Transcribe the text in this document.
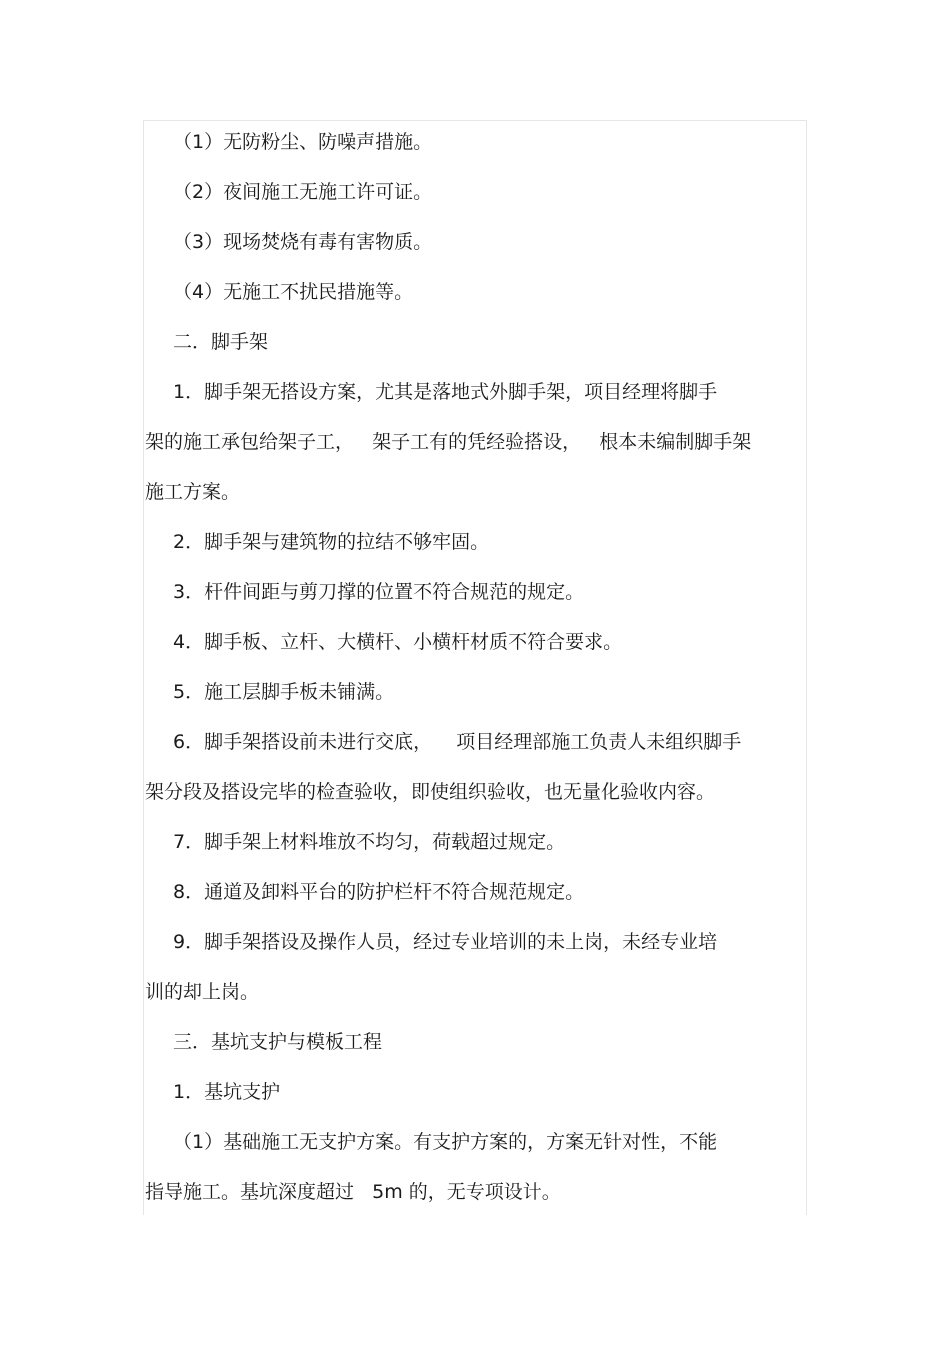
（1）无防粉尘、防噪声措施。
（2）夜间施工无施工许可证。
（3）现场焚烧有毒有害物质。
（4）无施工不扰民措施等。
二．脚手架
1．脚手架无搭设方案，尤其是落地式外脚手架，项目经理将脚手
架的施工承包给架子工，   架子工有的凭经验搭设，   根本未编制脚手架
施工方案。
2．脚手架与建筑物的拉结不够牢固。
3．杆件间距与剪刀撑的位置不符合规范的规定。
4．脚手板、立杆、大横杆、小横杆材质不符合要求。
5．施工层脚手板未铺满。
6．脚手架搭设前未进行交底，    项目经理部施工负责人未组织脚手
架分段及搭设完毕的检查验收，即使组织验收，也无量化验收内容。
7．脚手架上材料堆放不均匀，荷载超过规定。
8．通道及卸料平台的防护栏杆不符合规范规定。
9．脚手架搭设及操作人员，经过专业培训的未上岗，未经专业培
训的却上岗。
三．基坑支护与模板工程
1．基坑支护
（1）基础施工无支护方案。有支护方案的，方案无针对性，不能
指导施工。基坑深度超过   5m 的，无专项设计。
